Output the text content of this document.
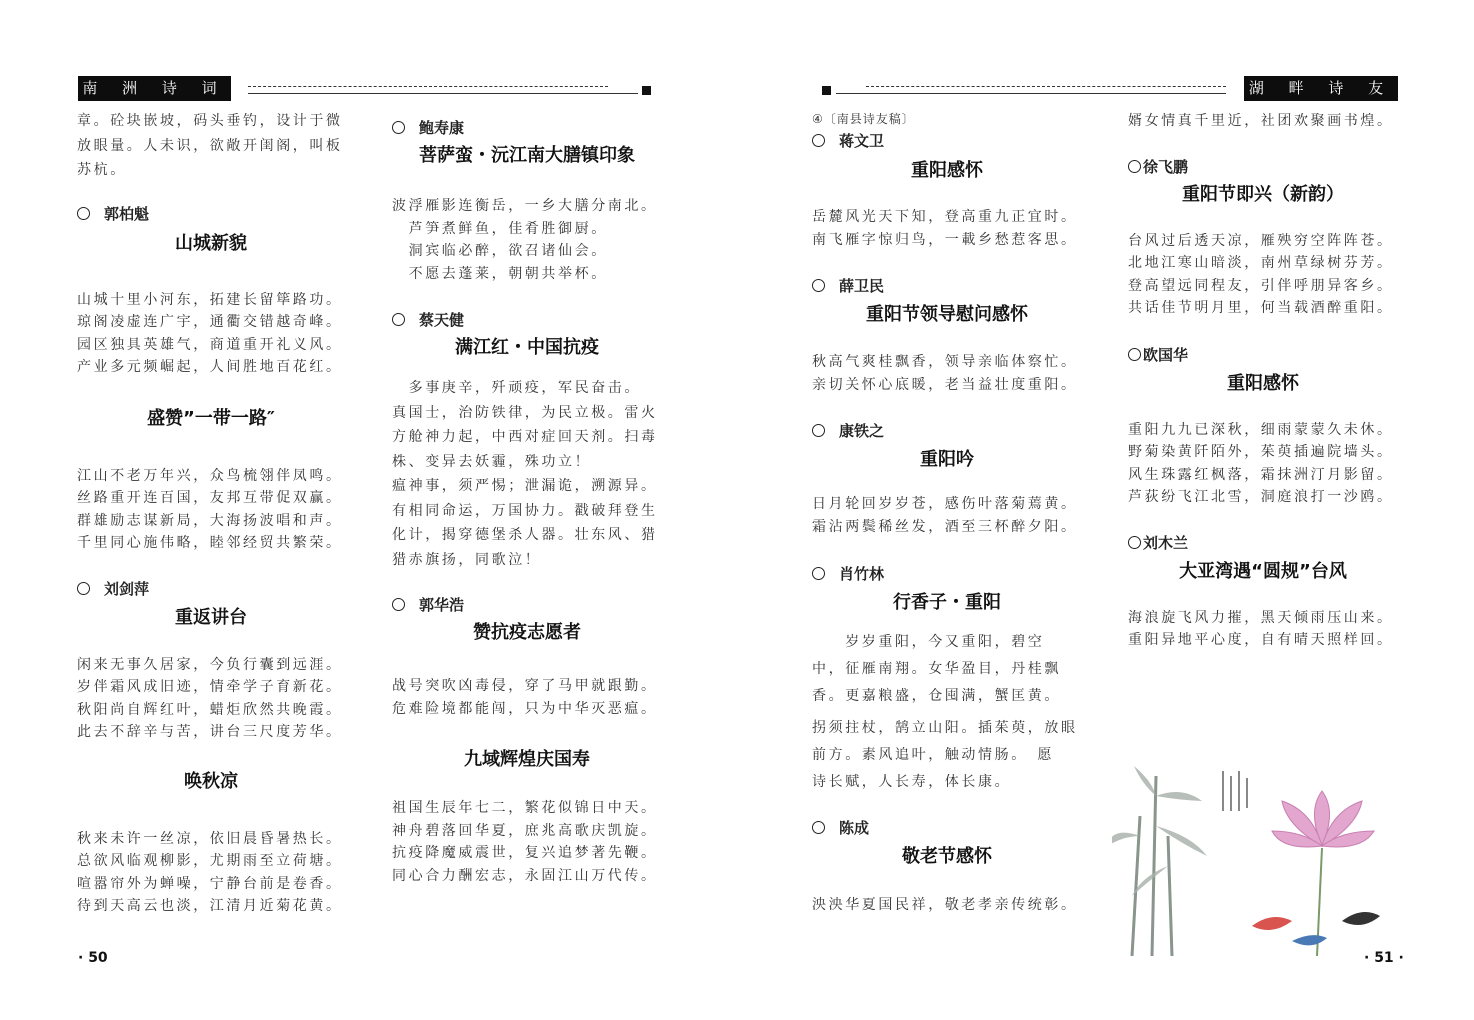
南 洲 诗 词	湖 畔 诗 友
章。砼块嵌坡，码头垂钓，设计于微
放眼量。人未识，欲敞开闺阁，叫板
苏杭。
郭柏魁
山城新貌
山城十里小河东，拓建长留筚路功。
琼阁凌虚连广宇，通衢交错越奇峰。
园区独具英雄气，商道重开礼义风。
产业多元频崛起，人间胜地百花红。
盛赞”一带一路″
江山不老万年兴，众鸟梳翎伴凤鸣。
丝路重开连百国，友邦互带促双赢。
群雄励志谋新局，大海扬波唱和声。
千里同心施伟略，睦邻经贸共繁荣。
刘剑萍
重返讲台
闲来无事久居家，今负行囊到远涯。
岁伴霜风成旧迹，情牵学子育新花。
秋阳尚自辉红叶，蜡炬欣然共晚霞。
此去不辞辛与苦，讲台三尺度芳华。
唤秋凉
秋来未许一丝凉，依旧晨昏暑热长。
总欲风临观柳影，尤期雨至立荷塘。
喧嚣帘外为蝉噪，宁静台前是卷香。
待到天高云也淡，江清月近菊花黄。
鲍寿康
菩萨蛮・沅江南大膳镇印象
波浮雁影连衡岳，一乡大膳分南北。
　芦笋煮鲜鱼，佳肴胜御厨。
　洞宾临必醉，欲召诸仙会。
　不愿去蓬莱，朝朝共举杯。
蔡天健
满江红・中国抗疫
　多事庚辛，歼顽疫，军民奋击。
真国士，治防铁律，为民立极。雷火
方舱神力起，中西对症回天剂。扫毒
株、变异去妖霾，殊功立！
瘟神事，须严惕；泄漏诡，溯源异。
有相同命运，万国协力。戳破拜登生
化计，揭穿德堡杀人器。壮东风、猎
猎赤旗扬，同歌泣！
郭华浩
赞抗疫志愿者
战号突吹凶毒侵，穿了马甲就跟勤。
危难险境都能闯，只为中华灭恶瘟。
九域辉煌庆国寿
祖国生辰年七二，繁花似锦日中天。
神舟碧落回华夏，庶兆高歌庆凯旋。
抗疫降魔威震世，复兴追梦著先鞭。
同心合力酬宏志，永固江山万代传。
④〔南县诗友稿〕
蒋文卫
重阳感怀
岳麓风光天下知，登高重九正宜时。
南飞雁字惊归鸟，一載乡愁惹客思。
薛卫民
重阳节领导慰问感怀
秋高气爽桂飘香，领导亲临体察忙。
亲切关怀心底暖，老当益壮度重阳。
康铁之
重阳吟
日月轮回岁岁苍，感伤叶落菊蔫黄。
霜沾两鬓稀丝发，酒至三杯醉夕阳。
肖竹林
行香子・重阳
　　岁岁重阳，今又重阳，碧空
中，征雁南翔。女华盈目，丹桂飘
香。更嘉粮盛，仓囤满，蟹匡黄。
拐须拄杖，鹄立山阳。插茱萸，放眼
前方。素风追叶，触动情肠。　愿
诗长赋，人长寿，体长康。
陈成
敬老节感怀
泱泱华夏国民祥，敬老孝亲传统彰。
婿女情真千里近，社团欢聚画书煌。
徐飞鹏
重阳节即兴（新韵）
台风过后透天凉，雁殃穷空阵阵苍。
北地江寒山暗淡，南州草绿树芬芳。
登高望远同程友，引伴呼朋异客乡。
共话佳节明月里，何当载酒醉重阳。
欧国华
重阳感怀
重阳九九已深秋，细雨蒙蒙久未休。
野菊染黄阡陌外，茱萸插遍院墙头。
风生珠露红枫落，霜抹洲汀月影留。
芦荻纷飞江北雪，洞庭浪打一沙鸥。
刘木兰
大亚湾遇“圆规”台风
海浪旋飞风力摧，黑天倾雨压山来。
重阳异地平心度，自有晴天照样回。
· 50	· 51 ·
